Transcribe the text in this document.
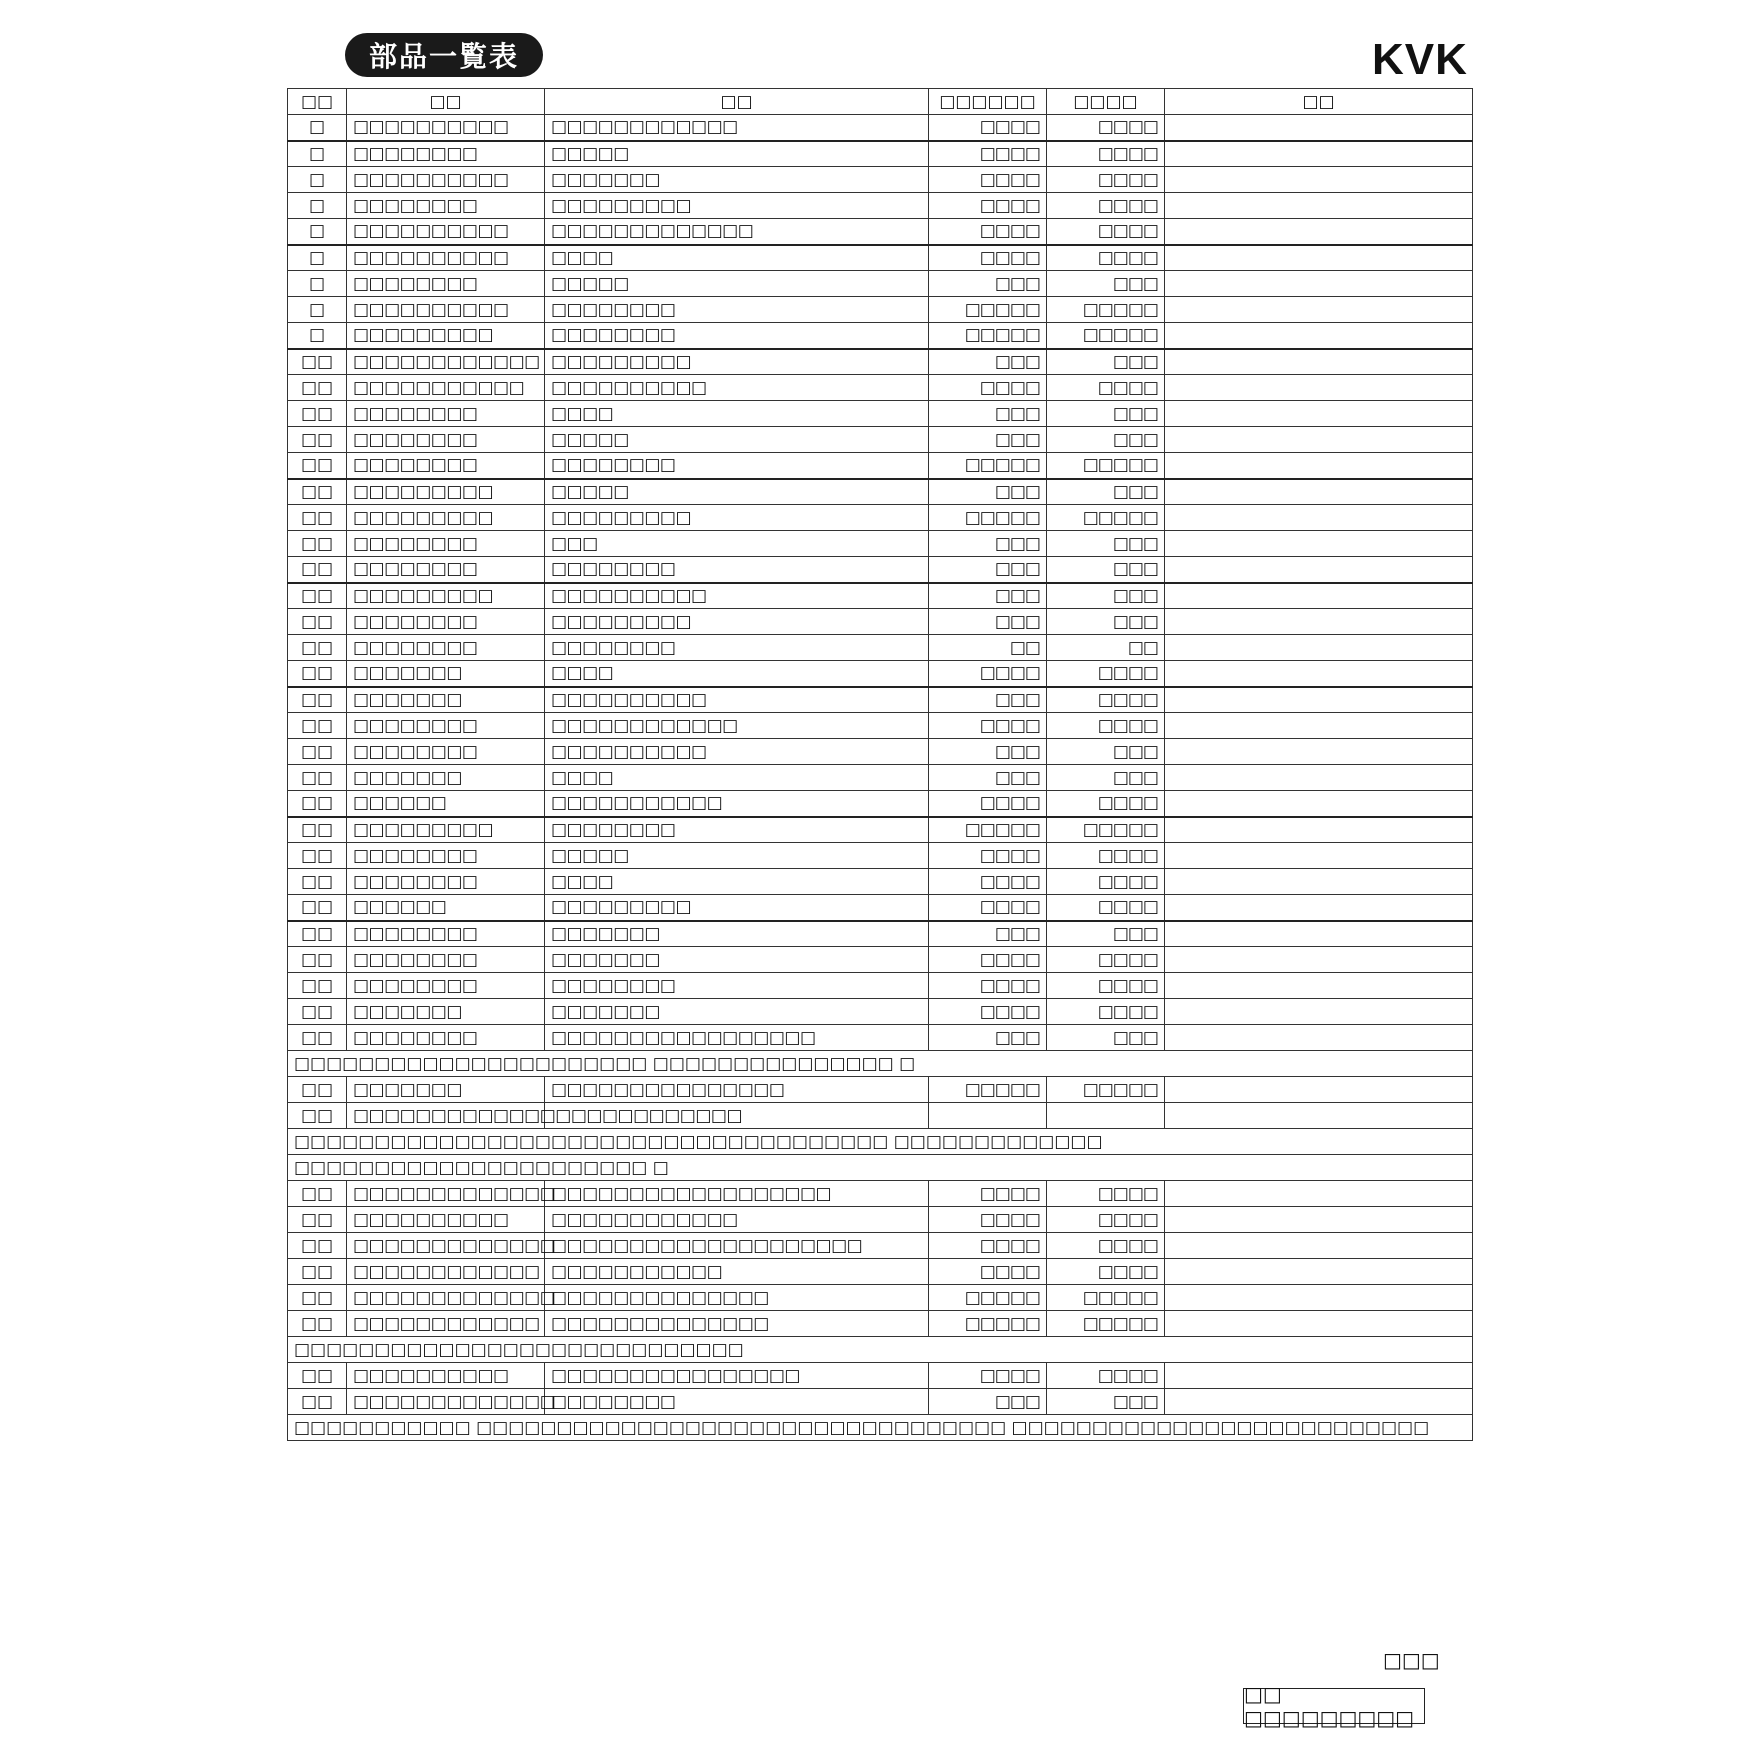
部品一覧表	KVK
□□	□□	□□	□□□□□□	□□□□	□□
□	□□□□□□□□□□	□□□□□□□□□□□□	□□□□	□□□□	
□	□□□□□□□□	□□□□□	□□□□	□□□□	
□	□□□□□□□□□□	□□□□□□□	□□□□	□□□□	
□	□□□□□□□□	□□□□□□□□□	□□□□	□□□□	
□	□□□□□□□□□□	□□□□□□□□□□□□□	□□□□	□□□□	
□	□□□□□□□□□□	□□□□	□□□□	□□□□	
□	□□□□□□□□	□□□□□	□□□	□□□	
□	□□□□□□□□□□	□□□□□□□□	□□□□□	□□□□□	
□	□□□□□□□□□	□□□□□□□□	□□□□□	□□□□□	
□□	□□□□□□□□□□□□	□□□□□□□□□	□□□	□□□	
□□	□□□□□□□□□□□	□□□□□□□□□□	□□□□	□□□□	
□□	□□□□□□□□	□□□□	□□□	□□□	
□□	□□□□□□□□	□□□□□	□□□	□□□	
□□	□□□□□□□□	□□□□□□□□	□□□□□	□□□□□	
□□	□□□□□□□□□	□□□□□	□□□	□□□	
□□	□□□□□□□□□	□□□□□□□□□	□□□□□	□□□□□	
□□	□□□□□□□□	□□□	□□□	□□□	
□□	□□□□□□□□	□□□□□□□□	□□□	□□□	
□□	□□□□□□□□□	□□□□□□□□□□	□□□	□□□	
□□	□□□□□□□□	□□□□□□□□□	□□□	□□□	
□□	□□□□□□□□	□□□□□□□□	□□	□□	
□□	□□□□□□□	□□□□	□□□□	□□□□	
□□	□□□□□□□	□□□□□□□□□□	□□□	□□□□	
□□	□□□□□□□□	□□□□□□□□□□□□	□□□□	□□□□	
□□	□□□□□□□□	□□□□□□□□□□	□□□	□□□	
□□	□□□□□□□	□□□□	□□□	□□□	
□□	□□□□□□	□□□□□□□□□□□	□□□□	□□□□	
□□	□□□□□□□□□	□□□□□□□□	□□□□□	□□□□□	
□□	□□□□□□□□	□□□□□	□□□□	□□□□	
□□	□□□□□□□□	□□□□	□□□□	□□□□	
□□	□□□□□□	□□□□□□□□□	□□□□	□□□□	
□□	□□□□□□□□	□□□□□□□	□□□	□□□	
□□	□□□□□□□□	□□□□□□□	□□□□	□□□□	
□□	□□□□□□□□	□□□□□□□□	□□□□	□□□□	
□□	□□□□□□□	□□□□□□□	□□□□	□□□□	
□□	□□□□□□□□	□□□□□□□□□□□□□□□□□	□□□	□□□	
□□□□□□□□□□□□□□□□□□□□□□ □□□□□□□□□□□□□□□ □					
□□	□□□□□□□	□□□□□□□□□□□□□□□	□□□□□	□□□□□	
□□	□□□□□□□□□□□□□□□□□□□□□□□□□				
□□□□□□□□□□□□□□□□□□□□□□□□□□□□□□□□□□□□□ □□□□□□□□□□□□□					
□□□□□□□□□□□□□□□□□□□□□□ □					
□□	□□□□□□□□□□□□□	□□□□□□□□□□□□□□□□□□	□□□□	□□□□	
□□	□□□□□□□□□□	□□□□□□□□□□□□	□□□□	□□□□	
□□	□□□□□□□□□□□□□	□□□□□□□□□□□□□□□□□□□□	□□□□	□□□□	
□□	□□□□□□□□□□□□	□□□□□□□□□□□	□□□□	□□□□	
□□	□□□□□□□□□□□□□	□□□□□□□□□□□□□□	□□□□□	□□□□□	
□□	□□□□□□□□□□□□	□□□□□□□□□□□□□□	□□□□□	□□□□□	
□□□□□□□□□□□□□□□□□□□□□□□□□□□□					
□□	□□□□□□□□□□	□□□□□□□□□□□□□□□□	□□□□	□□□□	
□□	□□□□□□□□□□□□□	□□□□□□□□	□□□	□□□	
□□□□□□□□□□□ □□□□□□□□□□□□□□□□□□□□□□□□□□□□□□□□□ □□□□□□□□□□□□□□□□□□□□□□□□□□					
□□□
□□ □□□□□□□□□
